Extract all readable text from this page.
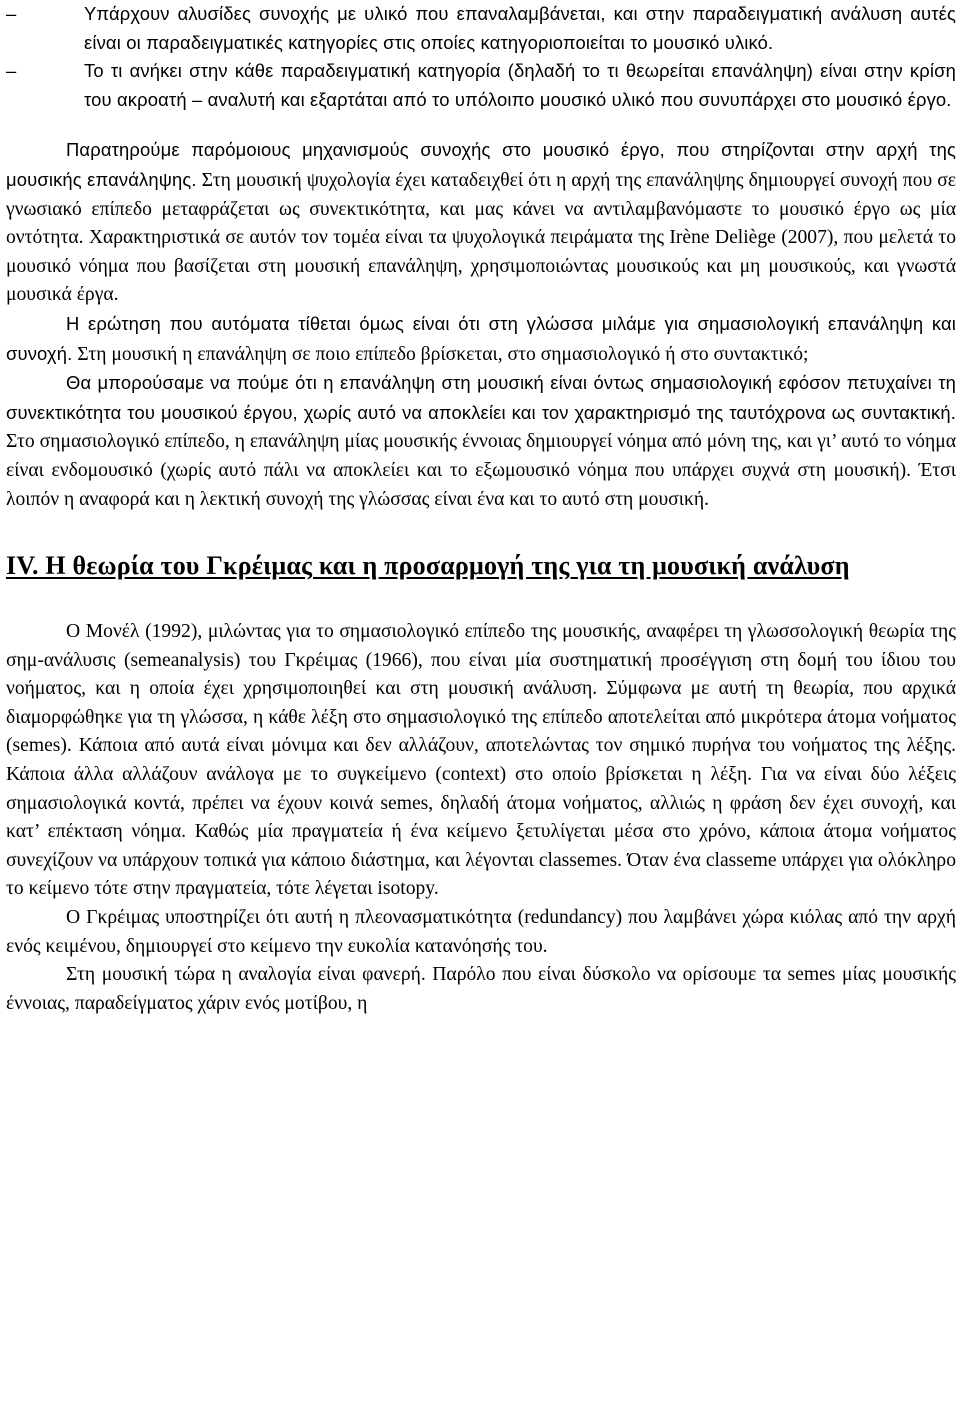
–	Υπάρχουν αλυσίδες συνοχής με υλικό που επαναλαμβάνεται, και στην παραδειγματική ανάλυση αυτές είναι οι παραδειγματικές κατηγορίες στις οποίες κατηγοριοποιείται το μουσικό υλικό.
–	Το τι ανήκει στην κάθε παραδειγματική κατηγορία (δηλαδή το τι θεωρείται επανάληψη) είναι στην κρίση του ακροατή – αναλυτή και εξαρτάται από το υπόλοιπο μουσικό υλικό που συνυπάρχει στο μουσικό έργο.

Παρατηρούμε παρόμοιους μηχανισμούς συνοχής στο μουσικό έργο, που στηρίζονται στην αρχή της μουσικής επανάληψης. Στη μουσική ψυχολογία έχει καταδειχθεί ότι η αρχή της επανάληψης δημιουργεί συνοχή που σε γνωσιακό επίπεδο μεταφράζεται ως συνεκτικότητα, και μας κάνει να αντιλαμβανόμαστε το μουσικό έργο ως μία οντότητα. Χαρακτηριστικά σε αυτόν τον τομέα είναι τα ψυχολογικά πειράματα της Irène Deliège (2007), που μελετά το μουσικό νόημα που βασίζεται στη μουσική επανάληψη, χρησιμοποιώντας μουσικούς και μη μουσικούς, και γνωστά μουσικά έργα.

Η ερώτηση που αυτόματα τίθεται όμως είναι ότι στη γλώσσα μιλάμε για σημασιολογική επανάληψη και συνοχή. Στη μουσική η επανάληψη σε ποιο επίπεδο βρίσκεται, στο σημασιολογικό ή στο συντακτικό;

Θα μπορούσαμε να πούμε ότι η επανάληψη στη μουσική είναι όντως σημασιολογική εφόσον πετυχαίνει τη συνεκτικότητα του μουσικού έργου, χωρίς αυτό να αποκλείει και τον χαρακτηρισμό της ταυτόχρονα ως συντακτική. Στο σημασιολογικό επίπεδο, η επανάληψη μίας μουσικής έννοιας δημιουργεί νόημα από μόνη της, και γι’ αυτό το νόημα είναι ενδομουσικό (χωρίς αυτό πάλι να αποκλείει και το εξωμουσικό νόημα που υπάρχει συχνά στη μουσική). Έτσι λοιπόν η αναφορά και η λεκτική συνοχή της γλώσσας είναι ένα και το αυτό στη μουσική.

IV. Η θεωρία του Γκρέιμας και η προσαρμογή της για τη μουσική ανάλυση

Ο Μονέλ (1992), μιλώντας για το σημασιολογικό επίπεδο της μουσικής, αναφέρει τη γλωσσολογική θεωρία της σημ-ανάλυσις (semeanalysis) του Γκρέιμας (1966), που είναι μία συστηματική προσέγγιση στη δομή του ίδιου του νοήματος, και η οποία έχει χρησιμοποιηθεί και στη μουσική ανάλυση. Σύμφωνα με αυτή τη θεωρία, που αρχικά διαμορφώθηκε για τη γλώσσα, η κάθε λέξη στο σημασιολογικό της επίπεδο αποτελείται από μικρότερα άτομα νοήματος (semes). Κάποια από αυτά είναι μόνιμα και δεν αλλάζουν, αποτελώντας τον σημικό πυρήνα του νοήματος της λέξης. Κάποια άλλα αλλάζουν ανάλογα με το συγκείμενο (context) στο οποίο βρίσκεται η λέξη. Για να είναι δύο λέξεις σημασιολογικά κοντά, πρέπει να έχουν κοινά semes, δηλαδή άτομα νοήματος, αλλιώς η φράση δεν έχει συνοχή, και κατ’ επέκταση νόημα. Καθώς μία πραγματεία ή ένα κείμενο ξετυλίγεται μέσα στο χρόνο, κάποια άτομα νοήματος συνεχίζουν να υπάρχουν τοπικά για κάποιο διάστημα, και λέγονται classemes. Όταν ένα classeme υπάρχει για ολόκληρο το κείμενο τότε στην πραγματεία, τότε λέγεται isotopy.

Ο Γκρέιμας υποστηρίζει ότι αυτή η πλεονασματικότητα (redundancy) που λαμβάνει χώρα κιόλας από την αρχή ενός κειμένου, δημιουργεί στο κείμενο την ευκολία κατανόησής του.

Στη μουσική τώρα η αναλογία είναι φανερή. Παρόλο που είναι δύσκολο να ορίσουμε τα semes μίας μουσικής έννοιας, παραδείγματος χάριν ενός μοτίβου, η
